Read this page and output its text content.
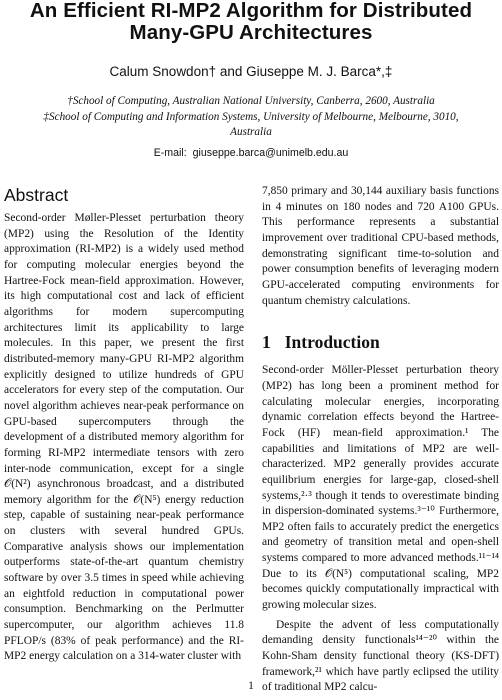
An Efficient RI-MP2 Algorithm for Distributed
Many-GPU Architectures
Calum Snowdon† and Giuseppe M. J. Barca*,‡
†School of Computing, Australian National University, Canberra, 2600, Australia
‡School of Computing and Information Systems, University of Melbourne, Melbourne, 3010, Australia
E-mail: giuseppe.barca@unimelb.edu.au
Abstract

Second-order Møller-Plesset perturbation theory (MP2) using the Resolution of the Identity approximation (RI-MP2) is a widely used method for computing molecular energies beyond the Hartree-Fock mean-field approximation. However, its high computational cost and lack of efficient algorithms for modern supercomputing architectures limit its applicability to large molecules. In this paper, we present the first distributed-memory many-GPU RI-MP2 algorithm explicitly designed to utilize hundreds of GPU accelerators for every step of the computation. Our novel algorithm achieves near-peak performance on GPU-based supercomputers through the development of a distributed memory algorithm for forming RI-MP2 intermediate tensors with zero inter-node communication, except for a single 𝒪(N²) asynchronous broadcast, and a distributed memory algorithm for the 𝒪(N⁵) energy reduction step, capable of sustaining near-peak performance on clusters with several hundred GPUs. Comparative analysis shows our implementation outperforms state-of-the-art quantum chemistry software by over 3.5 times in speed while achieving an eightfold reduction in computational power consumption. Benchmarking on the Perlmutter supercomputer, our algorithm achieves 11.8 PFLOP/s (83% of peak performance) and the RI-MP2 energy calculation on a 314-water cluster with

7,850 primary and 30,144 auxiliary basis functions in 4 minutes on 180 nodes and 720 A100 GPUs. This performance represents a substantial improvement over traditional CPU-based methods, demonstrating significant time-to-solution and power consumption benefits of leveraging modern GPU-accelerated computing environments for quantum chemistry calculations.

1 Introduction

Second-order Möller-Plesset perturbation theory (MP2) has long been a prominent method for calculating molecular energies, incorporating dynamic correlation effects beyond the Hartree-Fock (HF) mean-field approximation.¹ The capabilities and limitations of MP2 are well-characterized. MP2 generally provides accurate equilibrium energies for large-gap, closed-shell systems,²·³ though it tends to overestimate binding in dispersion-dominated systems.³⁻¹⁰ Furthermore, MP2 often fails to accurately predict the energetics and geometry of transition metal and open-shell systems compared to more advanced methods.¹¹⁻¹⁴ Due to its 𝒪(N⁵) computational scaling, MP2 becomes quickly computationally impractical with growing molecular sizes.

Despite the advent of less computationally demanding density functionals¹⁴⁻²⁰ within the Kohn-Sham density functional theory (KS-DFT) framework,²¹ which have partly eclipsed the utility of traditional MP2 calcu-

1
